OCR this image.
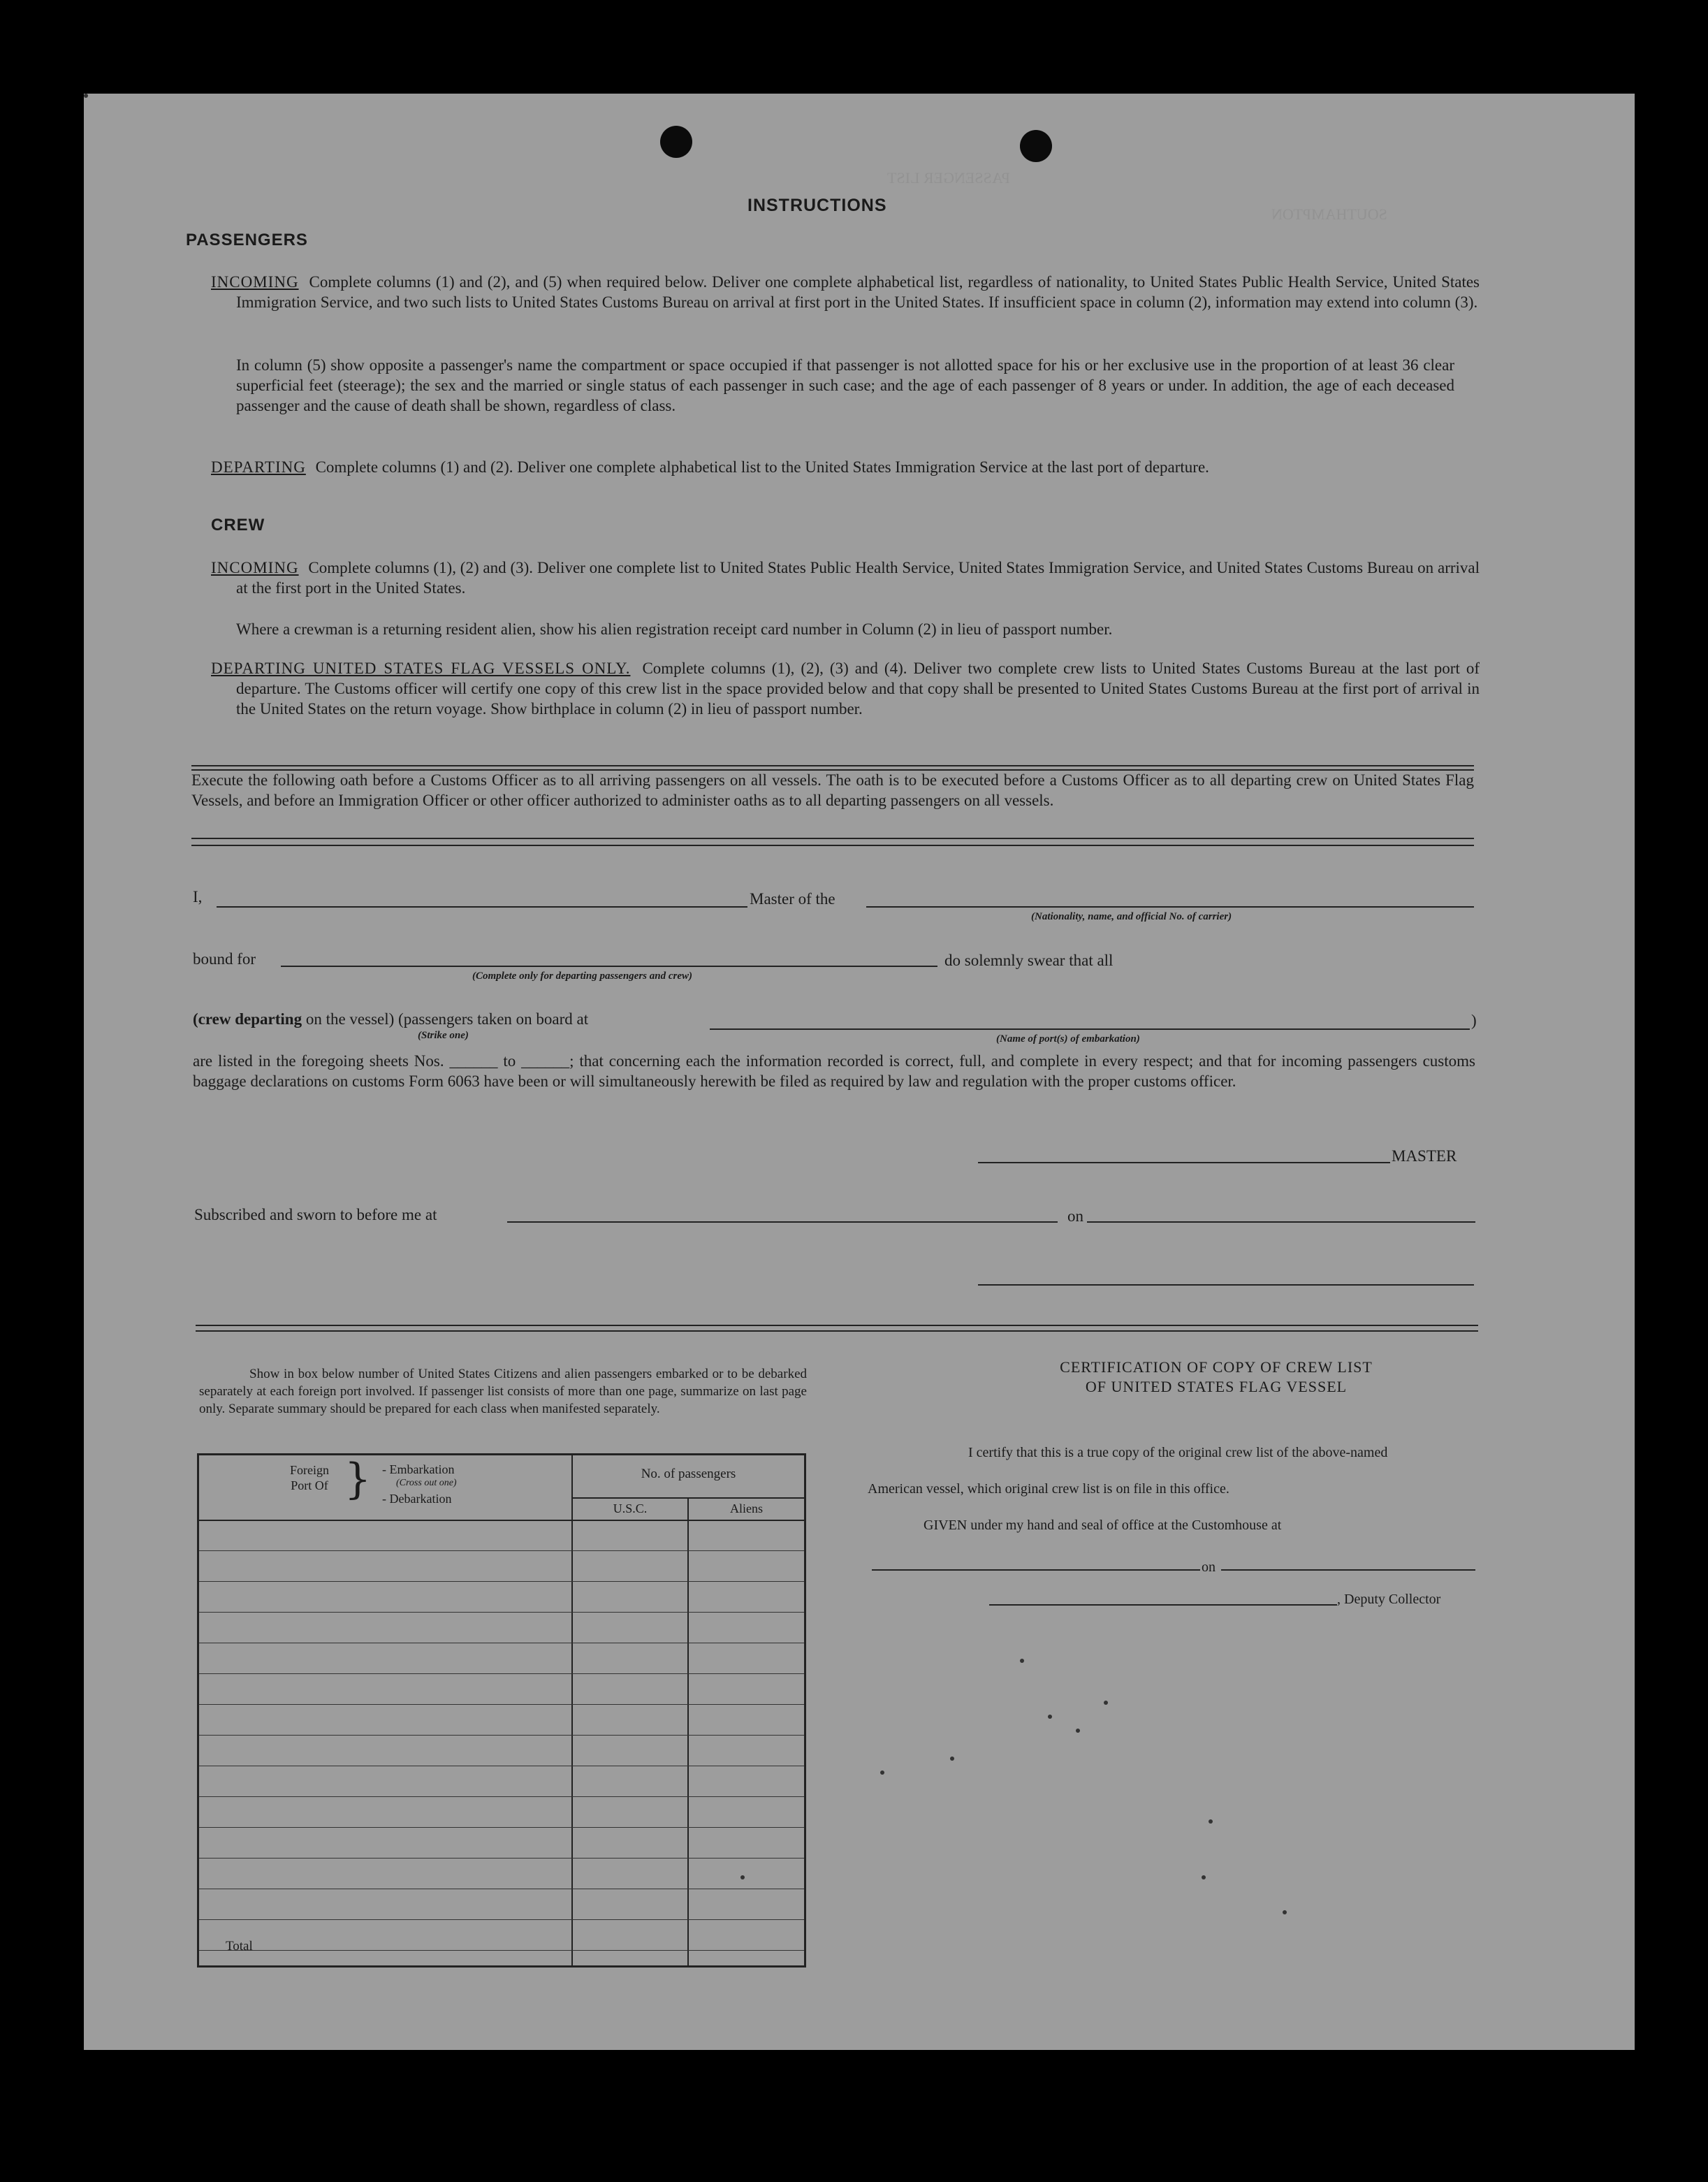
PASSENGER LIST
SOUTHAMPTON
INSTRUCTIONS
PASSENGERS
INCOMING Complete columns (1) and (2), and (5) when required below. Deliver one complete alphabetical list, regardless of nationality, to United States Public Health Service, United States Immigration Service, and two such lists to United States Customs Bureau on arrival at first port in the United States. If insufficient space in column (2), information may extend into column (3).
In column (5) show opposite a passenger's name the compartment or space occupied if that passenger is not allotted space for his or her exclusive use in the proportion of at least 36 clear superficial feet (steerage); the sex and the married or single status of each passenger in such case; and the age of each passenger of 8 years or under. In addition, the age of each deceased passenger and the cause of death shall be shown, regardless of class.
DEPARTING Complete columns (1) and (2). Deliver one complete alphabetical list to the United States Immigration Service at the last port of departure.
CREW
INCOMING Complete columns (1), (2) and (3). Deliver one complete list to United States Public Health Service, United States Immigration Service, and United States Customs Bureau on arrival at the first port in the United States.
Where a crewman is a returning resident alien, show his alien registration receipt card number in Column (2) in lieu of passport number.
DEPARTING UNITED STATES FLAG VESSELS ONLY. Complete columns (1), (2), (3) and (4). Deliver two complete crew lists to United States Customs Bureau at the last port of departure. The Customs officer will certify one copy of this crew list in the space provided below and that copy shall be presented to United States Customs Bureau at the first port of arrival in the United States on the return voyage. Show birthplace in column (2) in lieu of passport number.
Execute the following oath before a Customs Officer as to all arriving passengers on all vessels. The oath is to be executed before a Customs Officer as to all departing crew on United States Flag Vessels, and before an Immigration Officer or other officer authorized to administer oaths as to all departing passengers on all vessels.
I,	Master of the
(Nationality, name, and official No. of carrier)
bound for
(Complete only for departing passengers and crew)
do solemnly swear that all
(crew departing on the vessel) (passengers taken on board at
(Strike one)
)
(Name of port(s) of embarkation)
are listed in the foregoing sheets Nos. ______ to ______; that concerning each the information recorded is correct, full, and complete in every respect; and that for incoming passengers customs baggage declarations on customs Form 6063 have been or will simultaneously herewith be filed as required by law and regulation with the proper customs officer.
MASTER
Subscribed and sworn to before me at	on
Show in box below number of United States Citizens and alien passengers embarked or to be debarked separately at each foreign port involved. If passenger list consists of more than one page, summarize on last page only. Separate summary should be prepared for each class when manifested separately.
Foreign Port Of } - Embarkation
(Cross out one)
- Debarkation
No. of passengers
U.S.C.	Aliens
Total
CERTIFICATION OF COPY OF CREW LIST
OF UNITED STATES FLAG VESSEL
I certify that this is a true copy of the original crew list of the above-named
American vessel, which original crew list is on file in this office.
GIVEN under my hand and seal of office at the Customhouse at
on
, Deputy Collector
